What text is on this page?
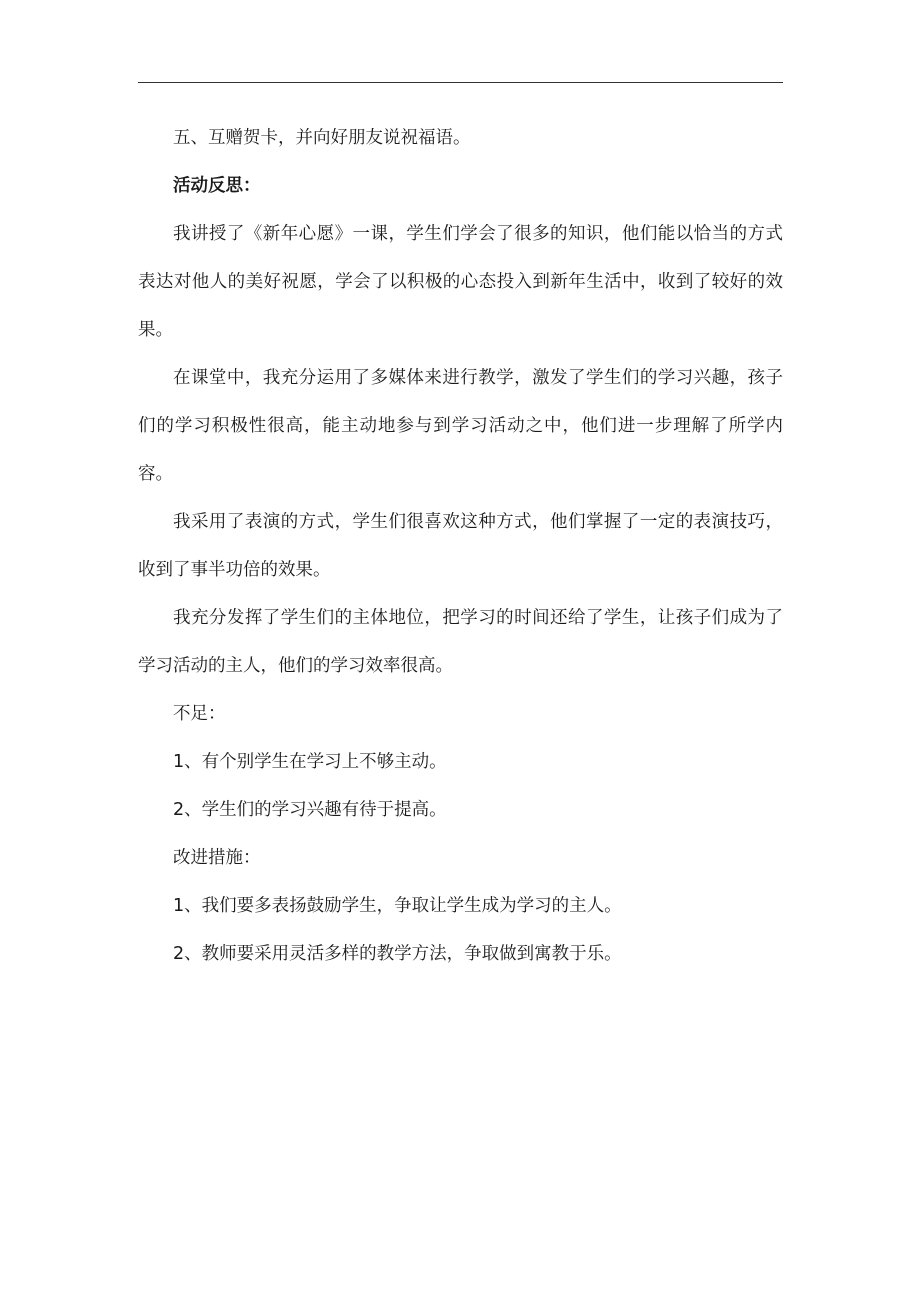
五、互赠贺卡，并向好朋友说祝福语。

活动反思：

我讲授了《新年心愿》一课，学生们学会了很多的知识，他们能以恰当的方式表达对他人的美好祝愿，学会了以积极的心态投入到新年生活中，收到了较好的效果。

在课堂中，我充分运用了多媒体来进行教学，激发了学生们的学习兴趣，孩子们的学习积极性很高，能主动地参与到学习活动之中，他们进一步理解了所学内容。

我采用了表演的方式，学生们很喜欢这种方式，他们掌握了一定的表演技巧，收到了事半功倍的效果。

我充分发挥了学生们的主体地位，把学习的时间还给了学生，让孩子们成为了学习活动的主人，他们的学习效率很高。

不足：

1、有个别学生在学习上不够主动。

2、学生们的学习兴趣有待于提高。

改进措施：

1、我们要多表扬鼓励学生，争取让学生成为学习的主人。

2、教师要采用灵活多样的教学方法，争取做到寓教于乐。
